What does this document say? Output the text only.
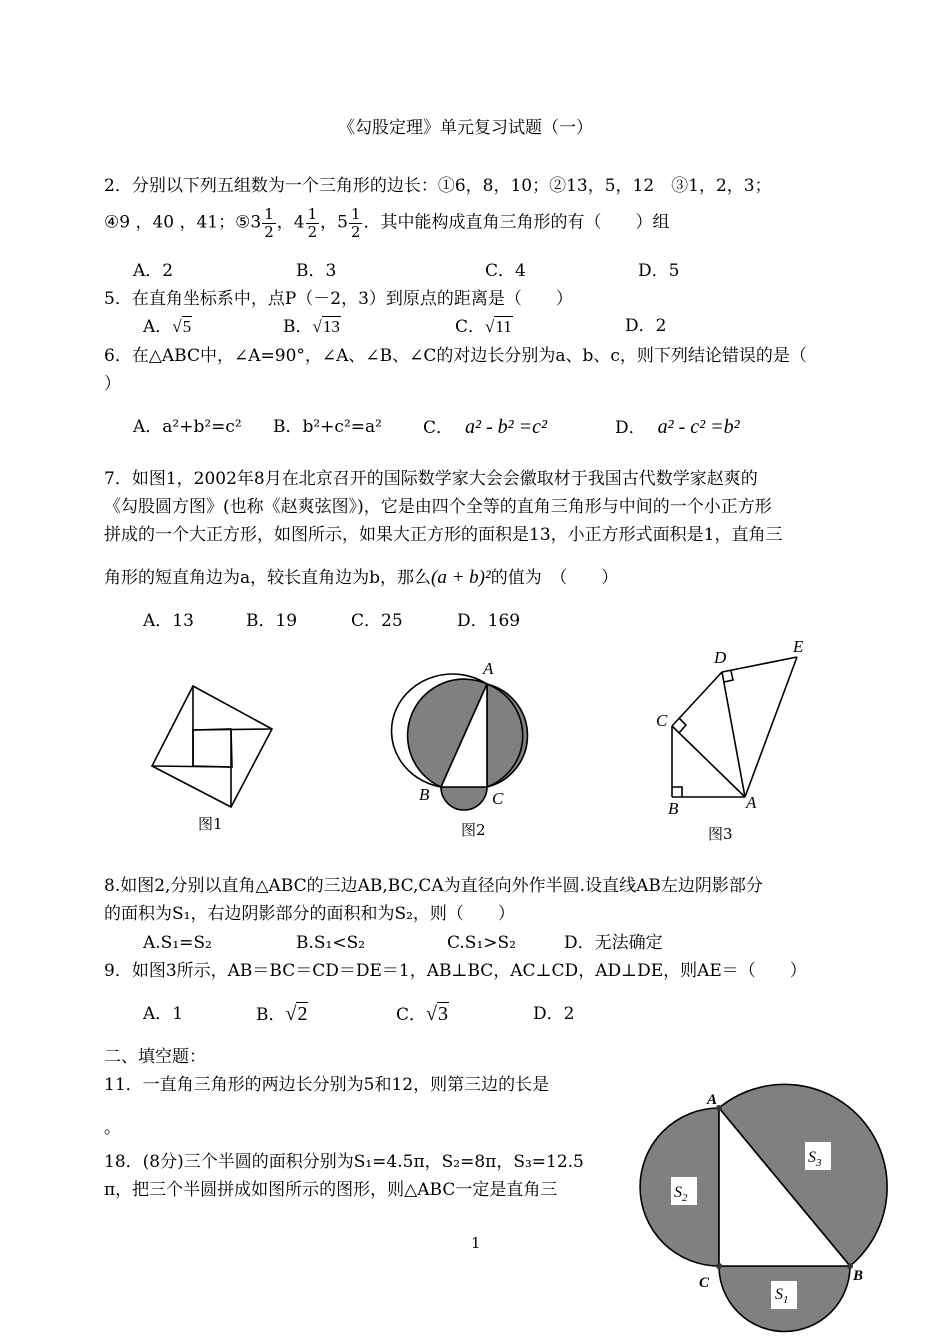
《勾股定理》单元复习试题（一）
2．分别以下列五组数为一个三角形的边长：①6，8，10；②13，5，12　③1，2，3；
④9 ，40 ，41；⑤3 $\frac{1}{2}$ ，$4 \frac{1}{2}$ ，$5 \frac{1}{2}$ ．其中能构成直角三角形的有（　　）组
A．2	B．3	C．4	D．5
5．在直角坐标系中，点P（－2，3）到原点的距离是（　　）
A．√5	B．√13	C．√11	D．2
6．在△ABC中，∠A=90°，∠A、∠B、∠C的对边长分别为a、b、c，则下列结论错误的是（
）
A．a²+b²=c² B．b²+c²=a² C． a² - b² =c²	D． a² - c² =b²
7．如图1，2002年8月在北京召开的国际数学家大会会徽取材于我国古代数学家赵爽的
《勾股圆方图》(也称《赵爽弦图》)，它是由四个全等的直角三角形与中间的一个小正方形
拼成的一个大正方形，如图所示，如果大正方形的面积是13，小正方形式面积是1，直角三
角形的短直角边为a，较长直角边为b，那么(a + b)²的值为　（　　）
A．13	B．19	C．25	D．169
图1
A
B	C
图2
A
B
C
D
E
图3
8.如图2,分别以直角△ABC的三边AB,BC,CA为直径向外作半圆.设直线AB左边阴影部分
的面积为S₁，右边阴影部分的面积和为S₂，则（　　）
A.S₁=S₂	B.S₁<S₂	C.S₁>S₂	D．无法确定
9．如图3所示，AB＝BC＝CD＝DE＝1，AB⊥BC，AC⊥CD，AD⊥DE，则AE＝（　　）
A．1	B．√2	C．√3	D．2
二、填空题：
11．一直角三角形的两边长分别为5和12，则第三边的长是
。
18．(8分)三个半圆的面积分别为S₁=4.5π，S₂=8π，S₃=12.5
π，把三个半圆拼成如图所示的图形，则△ABC一定是直角三
A
B
C
$S_2$
$S_3$
$S_1$
1
